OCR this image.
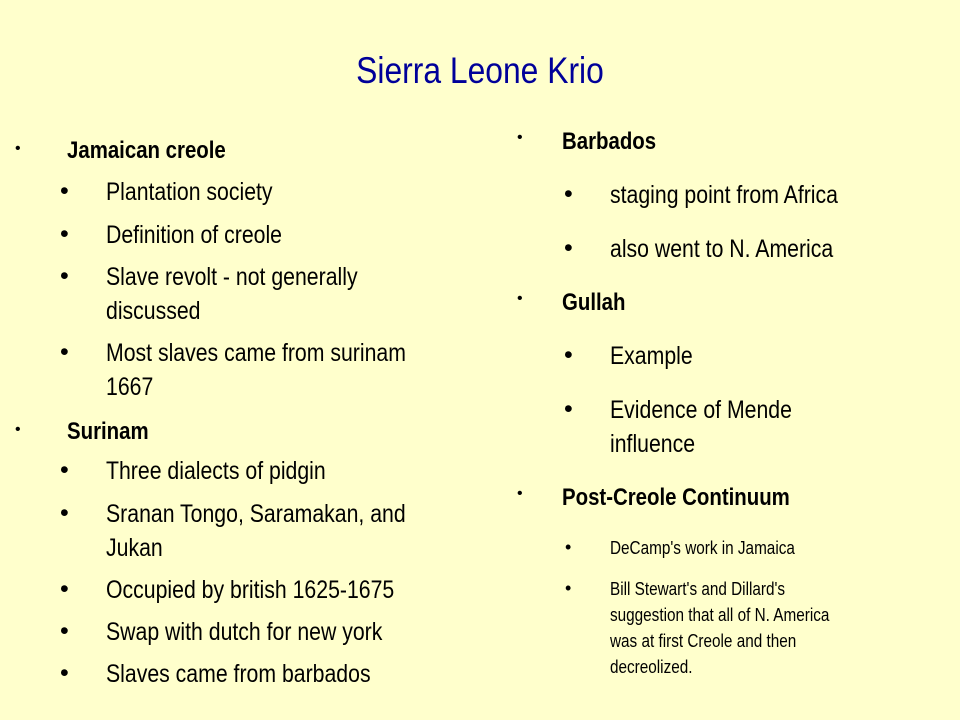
Sierra Leone Krio
• Jamaican creole
• Plantation society
• Definition of creole
• Slave revolt - not generally
discussed
• Most slaves came from surinam
1667
• Surinam
• Three dialects of pidgin
• Sranan Tongo, Saramakan, and
Jukan
• Occupied by british 1625-1675
• Swap with dutch for new york
• Slaves came from barbados
• Barbados
• staging point from Africa
• also went to N. America
• Gullah
• Example
• Evidence of Mende
influence
• Post-Creole Continuum
• DeCamp's work in Jamaica
• Bill Stewart's and Dillard's
suggestion that all of N. America
was at first Creole and then
decreolized.
